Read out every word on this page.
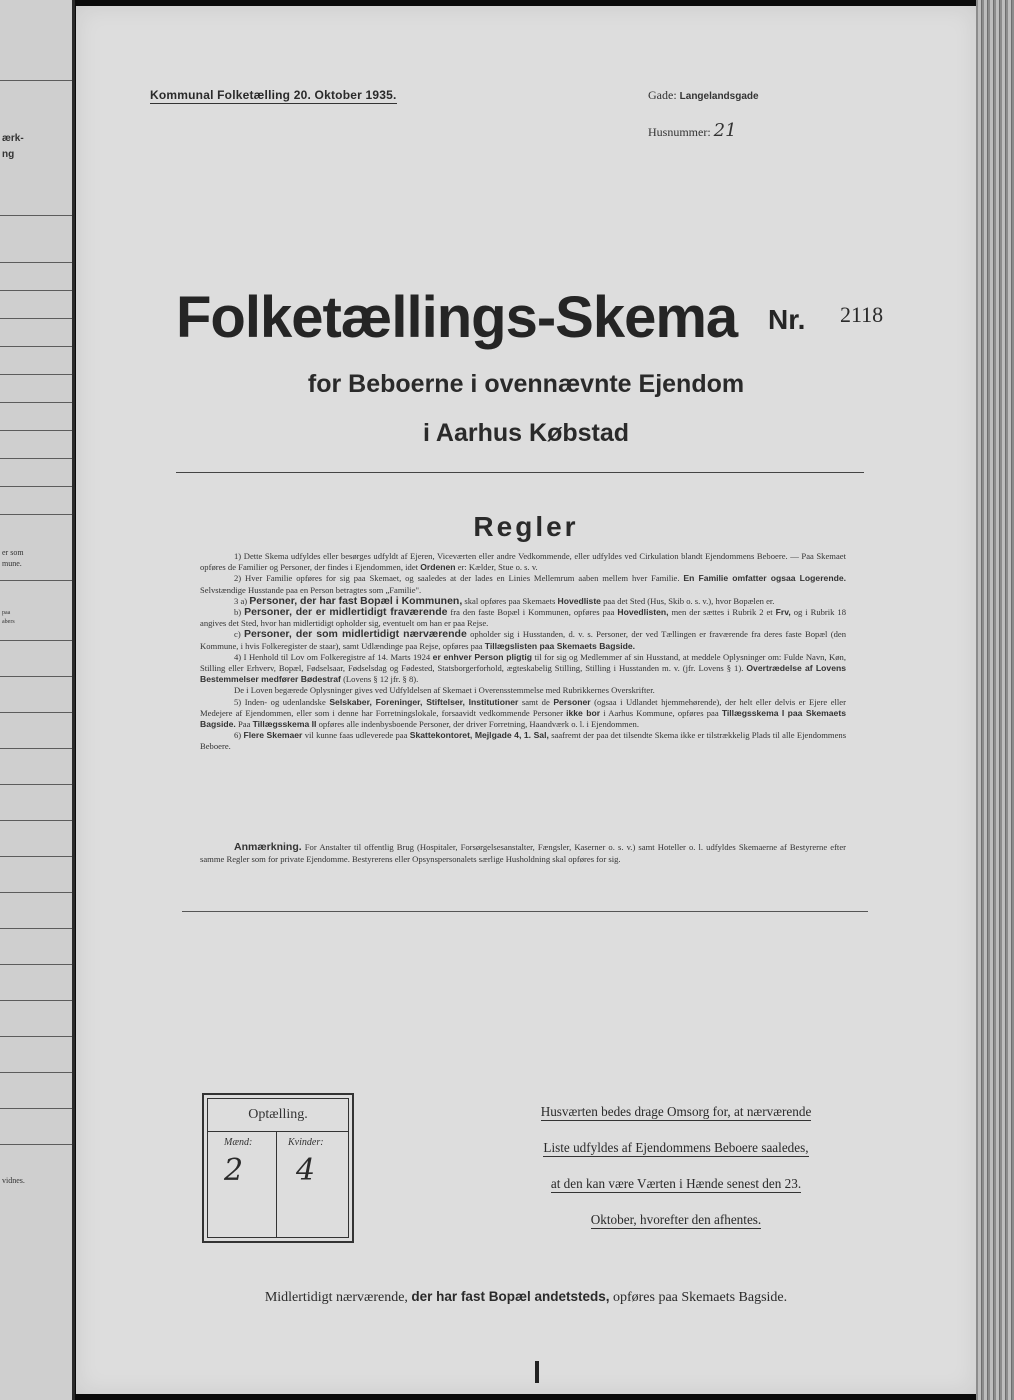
ærk-
ng
er som
mune.
paa
abers
vidnes.
Kommunal Folketælling 20. Oktober 1935.	Gade: Langelandsgade
Husnummer: 21
Folketællings-Skema Nr. 2118
for Beboerne i ovennævnte Ejendom
i Aarhus Købstad
Regler

1) Dette Skema udfyldes eller besørges udfyldt af Ejeren, Viceværten eller andre Vedkommende, eller udfyldes ved Cirkulation blandt Ejendommens Beboere. — Paa Skemaet opføres de Familier og Personer, der findes i Ejendommen, idet Ordenen er: Kælder, Stue o. s. v.

2) Hver Familie opføres for sig paa Skemaet, og saaledes at der lades en Linies Mellemrum aaben mellem hver Familie. En Familie omfatter ogsaa Logerende. Selvstændige Husstande paa en Person betragtes som „Familie".

3 a) Personer, der har fast Bopæl i Kommunen, skal opføres paa Skemaets Hovedliste paa det Sted (Hus, Skib o. s. v.), hvor Bopælen er.

b) Personer, der er midlertidigt fraværende fra den faste Bopæl i Kommunen, opføres paa Hovedlisten, men der sættes i Rubrik 2 et Frv, og i Rubrik 18 angives det Sted, hvor han midlertidigt opholder sig, eventuelt om han er paa Rejse.

c) Personer, der som midlertidigt nærværende opholder sig i Husstanden, d. v. s. Personer, der ved Tællingen er fraværende fra deres faste Bopæl (den Kommune, i hvis Folkeregister de staar), samt Udlændinge paa Rejse, opføres paa Tillægslisten paa Skemaets Bagside.

4) I Henhold til Lov om Folkeregistre af 14. Marts 1924 er enhver Person pligtig til for sig og Medlemmer af sin Husstand, at meddele Oplysninger om: Fulde Navn, Køn, Stilling eller Erhverv, Bopæl, Fødselsaar, Fødselsdag og Fødested, Statsborgerforhold, ægteskabelig Stilling, Stilling i Husstanden m. v. (jfr. Lovens § 1). Overtrædelse af Lovens Bestemmelser medfører Bødestraf (Lovens § 12 jfr. § 8).

De i Loven begærede Oplysninger gives ved Udfyldelsen af Skemaet i Overensstemmelse med Rubrikkernes Overskrifter.

5) Inden- og udenlandske Selskaber, Foreninger, Stiftelser, Institutioner samt de Personer (ogsaa i Udlandet hjemmehørende), der helt eller delvis er Ejere eller Medejere af Ejendommen, eller som i denne har Forretningslokale, forsaavidt vedkommende Personer ikke bor i Aarhus Kommune, opføres paa Tillægsskema I paa Skemaets Bagside. Paa Tillægsskema II opføres alle indenbysboende Personer, der driver Forretning, Haandværk o. l. i Ejendommen.

6) Flere Skemaer vil kunne faas udleverede paa Skattekontoret, Mejlgade 4, 1. Sal, saafremt der paa det tilsendte Skema ikke er tilstrækkelig Plads til alle Ejendommens Beboere.

Anmærkning. For Anstalter til offentlig Brug (Hospitaler, Forsørgelsesanstalter, Fængsler, Kaserner o. s. v.) samt Hoteller o. l. udfyldes Skemaerne af Bestyrerne efter samme Regler som for private Ejendomme. Bestyrerens eller Opsynspersonalets særlige Husholdning skal opføres for sig.
Optælling.
Mænd:	Kvinder:
2 4
Husværten bedes drage Omsorg for, at nærværende
Liste udfyldes af Ejendommens Beboere saaledes,
at den kan være Værten i Hænde senest den 23.
Oktober, hvorefter den afhentes.
Midlertidigt nærværende, der har fast Bopæl andetsteds, opføres paa Skemaets Bagside.
